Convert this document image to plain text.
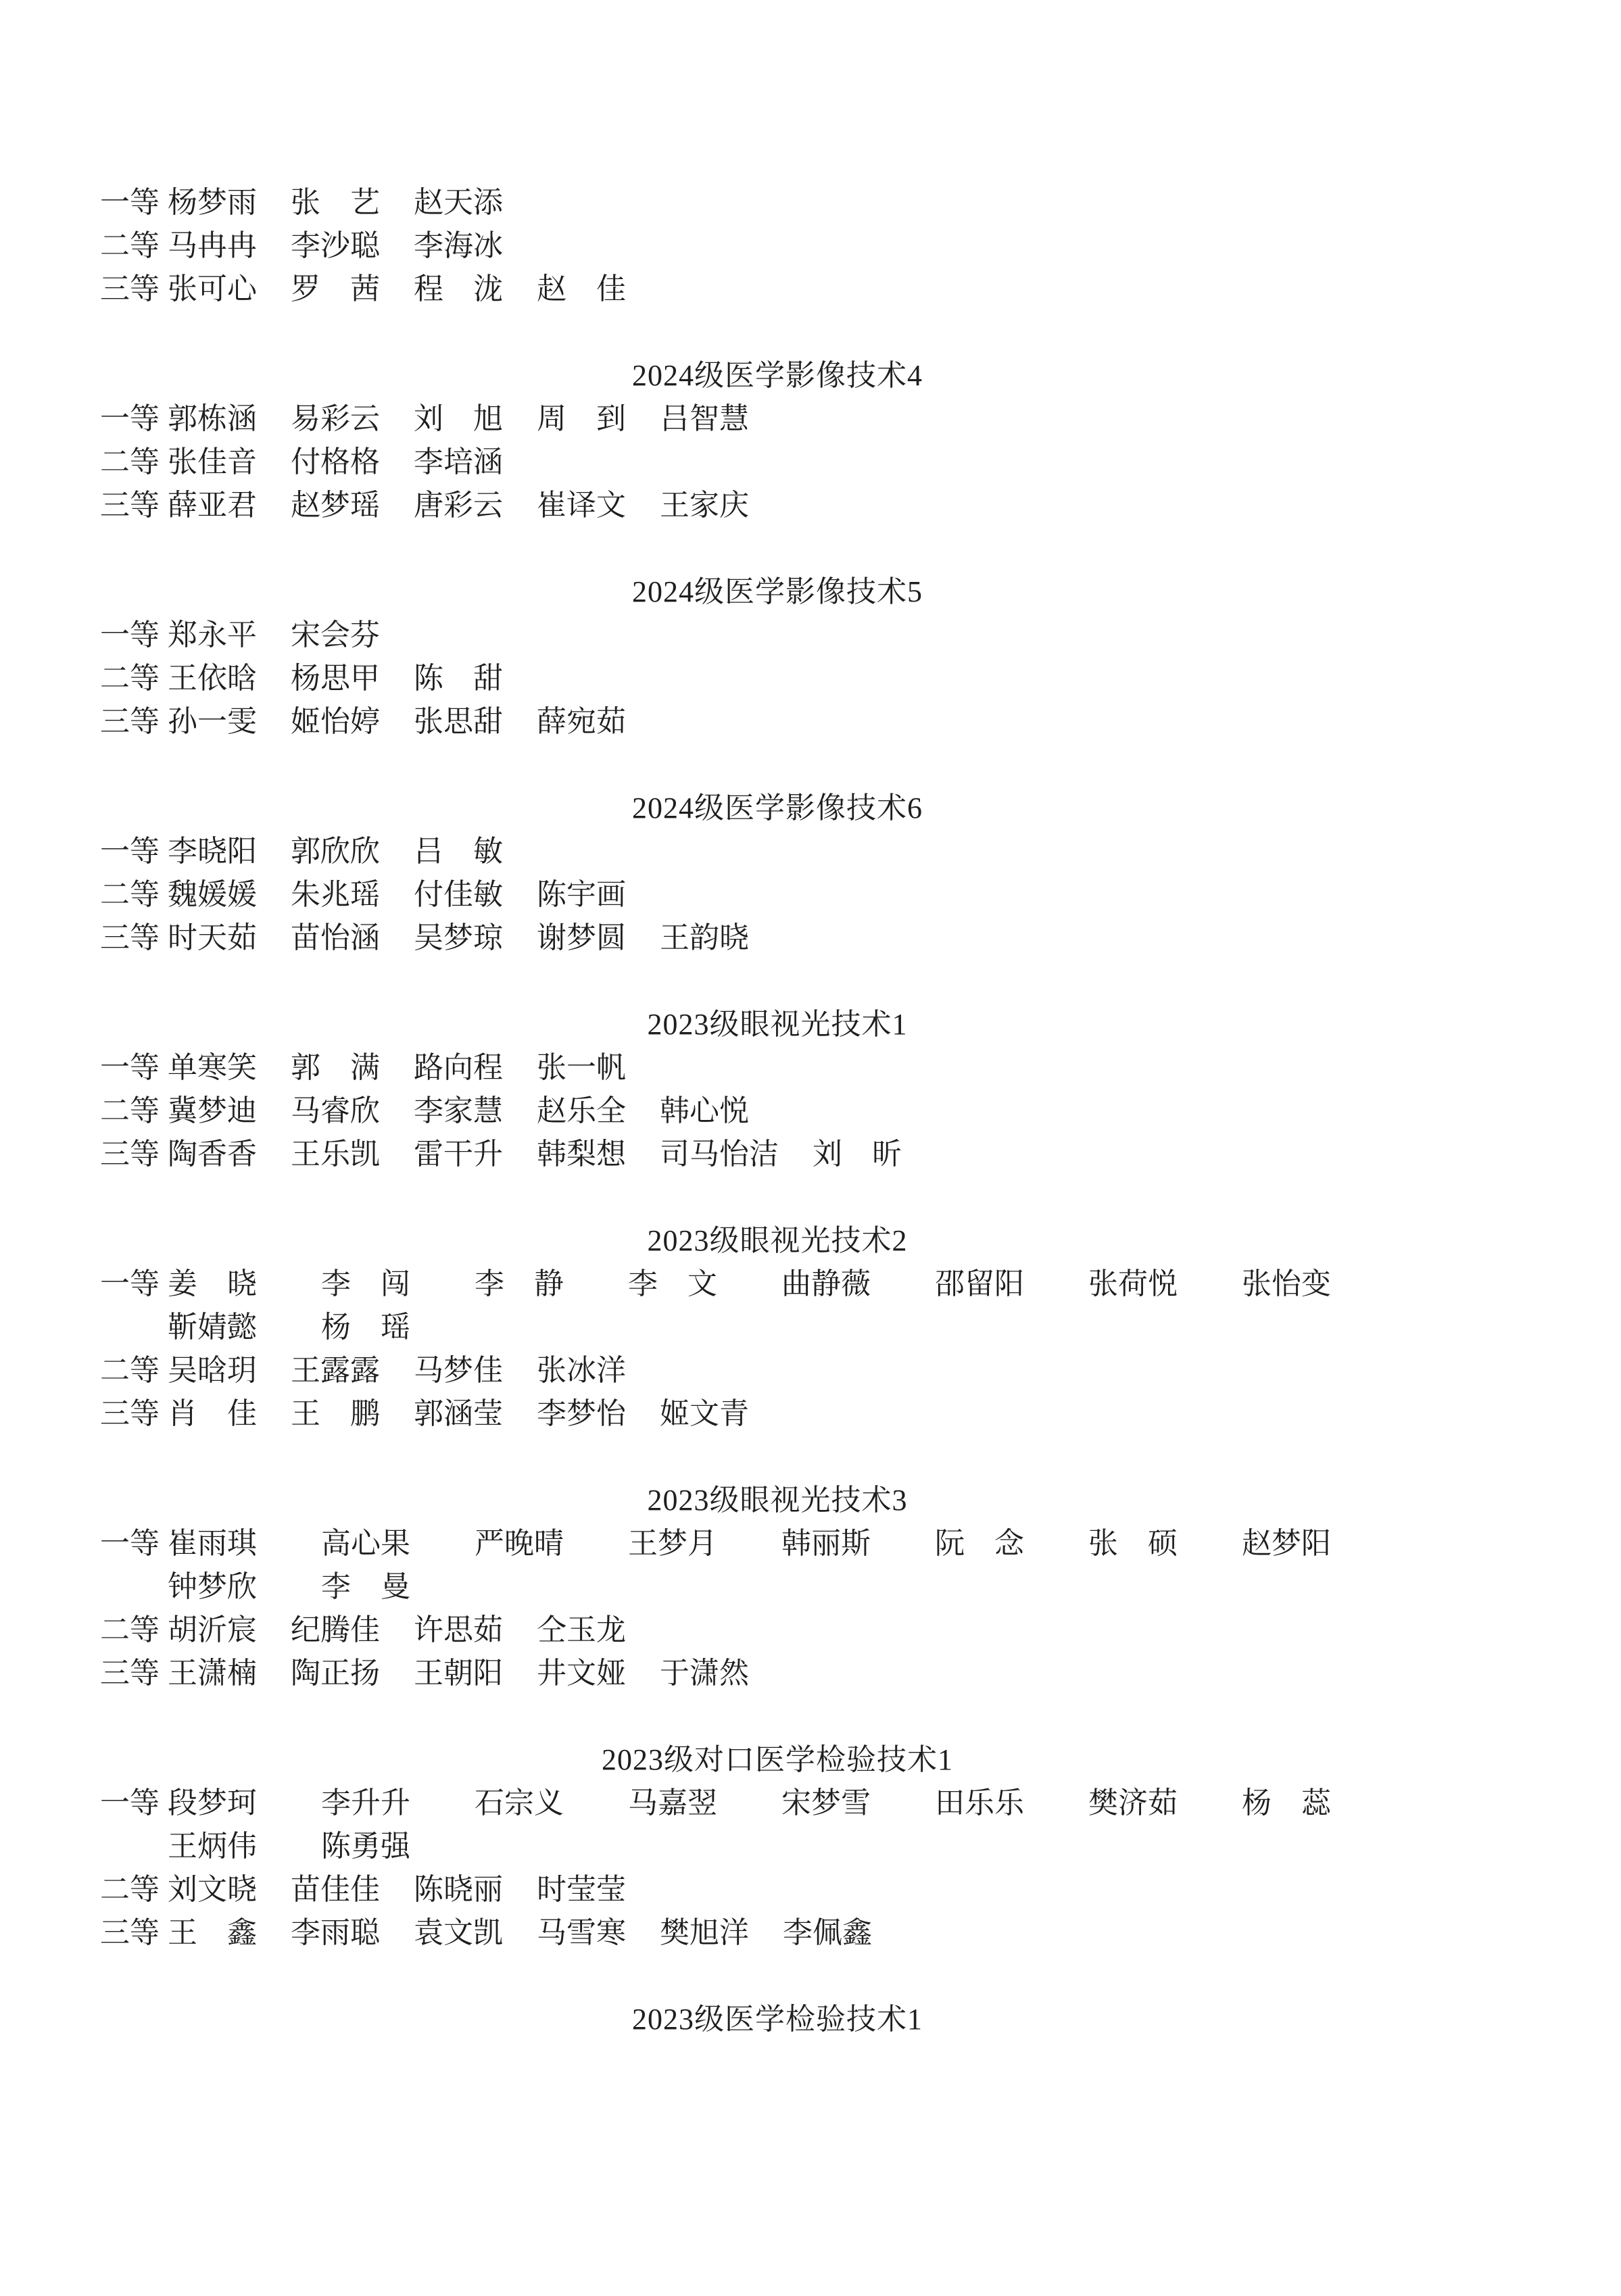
一等 杨梦雨 张　艺 赵天添
二等 马冉冉 李沙聪 李海冰
三等 张可心 罗　茜 程　泷 赵　佳
2024级医学影像技术4
一等 郭栋涵 易彩云 刘　旭 周　到 吕智慧
二等 张佳音 付格格 李培涵
三等 薛亚君 赵梦瑶 唐彩云 崔译文 王家庆
2024级医学影像技术5
一等 郑永平 宋会芬
二等 王依晗 杨思甲 陈　甜
三等 孙一雯 姬怡婷 张思甜 薛宛茹
2024级医学影像技术6
一等 李晓阳 郭欣欣 吕　敏
二等 魏媛媛 朱兆瑶 付佳敏 陈宇画
三等 时天茹 苗怡涵 吴梦琼 谢梦圆 王韵晓
2023级眼视光技术1
一等 单寒笑 郭　满 路向程 张一帆
二等 冀梦迪 马睿欣 李家慧 赵乐全 韩心悦
三等 陶香香 王乐凯 雷干升 韩梨想 司马怡洁 刘　昕
2023级眼视光技术2
一等 姜　晓 李　闯 李　静 李　文 曲静薇 邵留阳 张荷悦 张怡变
靳婧懿 杨　瑶
二等 吴晗玥 王露露 马梦佳 张冰洋
三等 肖　佳 王　鹏 郭涵莹 李梦怡 姬文青
2023级眼视光技术3
一等 崔雨琪 高心果 严晚晴 王梦月 韩丽斯 阮　念 张　硕 赵梦阳
钟梦欣 李　曼
二等 胡沂宸 纪腾佳 许思茹 仝玉龙
三等 王潇楠 陶正扬 王朝阳 井文娅 于潇然
2023级对口医学检验技术1
一等 段梦珂 李升升 石宗义 马嘉翌 宋梦雪 田乐乐 樊济茹 杨　蕊
王炳伟 陈勇强
二等 刘文晓 苗佳佳 陈晓丽 时莹莹
三等 王　鑫 李雨聪 袁文凯 马雪寒 樊旭洋 李佩鑫
2023级医学检验技术1
